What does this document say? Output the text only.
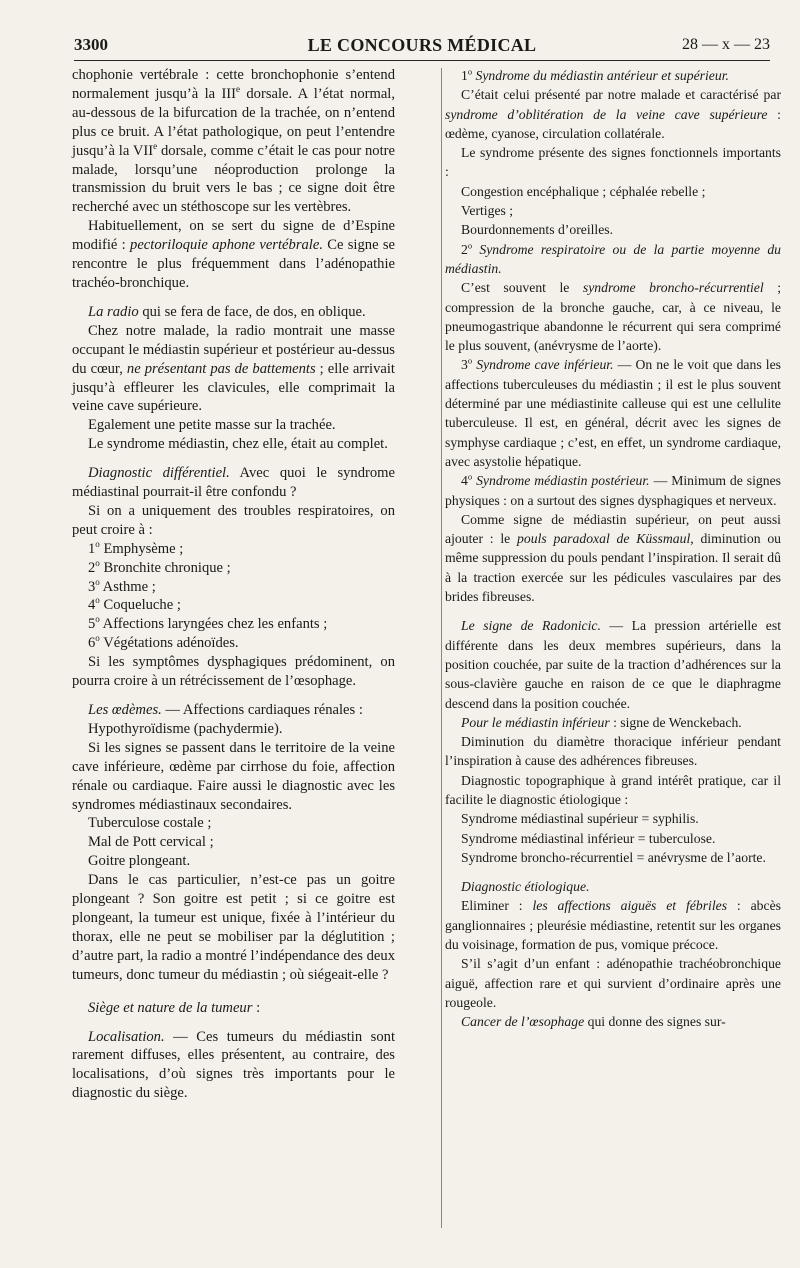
3300	LE CONCOURS MÉDICAL	28 — x — 23

chophonie vertébrale : cette bronchophonie s’entend normalement jusqu’à la IIIe dorsale. A l’état normal, au-dessous de la bifurcation de la trachée, on n’entend plus ce bruit. A l’état pathologique, on peut l’entendre jusqu’à la VIIe dorsale, comme c’était le cas pour notre malade, lorsqu’une néoproduction prolonge la transmission du bruit vers le bas ; ce signe doit être recherché avec un stéthoscope sur les vertèbres.

Habituellement, on se sert du signe de d’Espine modifié : pectoriloquie aphone vertébrale. Ce signe se rencontre le plus fréquemment dans l’adénopathie trachéo-bronchique.

La radio qui se fera de face, de dos, en oblique.

Chez notre malade, la radio montrait une masse occupant le médiastin supérieur et postérieur au-dessus du cœur, ne présentant pas de battements ; elle arrivait jusqu’à effleurer les clavicules, elle comprimait la veine cave supérieure.

Egalement une petite masse sur la trachée.

Le syndrome médiastin, chez elle, était au complet.

Diagnostic différentiel. Avec quoi le syndrome médiastinal pourrait-il être confondu ?

Si on a uniquement des troubles respiratoires, on peut croire à :

1$^o$ Emphysème ;

2$^o$ Bronchite chronique ;

3$^o$ Asthme ;

4$^o$ Coqueluche ;

5$^o$ Affections laryngées chez les enfants ;

6$^o$ Végétations adénoïdes.

Si les symptômes dysphagiques prédominent, on pourra croire à un rétrécissement de l’œsophage.

Les œdèmes. — Affections cardiaques rénales :

Hypothyroïdisme (pachydermie).

Si les signes se passent dans le territoire de la veine cave inférieure, œdème par cirrhose du foie, affection rénale ou cardiaque. Faire aussi le diagnostic avec les syndromes médiastinaux secondaires.

Tuberculose costale ;

Mal de Pott cervical ;

Goitre plongeant.

Dans le cas particulier, n’est-ce pas un goitre plongeant ? Son goitre est petit ; si ce goitre est plongeant, la tumeur est unique, fixée à l’intérieur du thorax, elle ne peut se mobiliser par la déglutition ; d’autre part, la radio a montré l’indépendance des deux tumeurs, donc tumeur du médiastin ; où siégeait-elle ?

Siège et nature de la tumeur :

Localisation. — Ces tumeurs du médiastin sont rarement diffuses, elles présentent, au contraire, des localisations, d’où signes très importants pour le diagnostic du siège.

1$^o$ Syndrome du médiastin antérieur et supérieur.

C’était celui présenté par notre malade et caractérisé par syndrome d’oblitération de la veine cave supérieure : œdème, cyanose, circulation collatérale.

Le syndrome présente des signes fonctionnels importants :

Congestion encéphalique ; céphalée rebelle ;

Vertiges ;

Bourdonnements d’oreilles.

2$^o$ Syndrome respiratoire ou de la partie moyenne du médiastin.

C’est souvent le syndrome broncho-récurrentiel ; compression de la bronche gauche, car, à ce niveau, le pneumogastrique abandonne le récurrent qui sera comprimé le plus souvent, (anévrysme de l’aorte).

3$^o$ Syndrome cave inférieur. — On ne le voit que dans les affections tuberculeuses du médiastin ; il est le plus souvent déterminé par une médiastinite calleuse qui est une cellulite tuberculeuse. Il est, en général, décrit avec les signes de symphyse cardiaque ; c’est, en effet, un syndrome cardiaque, avec asystolie hépatique.

4$^o$ Syndrome médiastin postérieur. — Minimum de signes physiques : on a surtout des signes dysphagiques et nerveux.

Comme signe de médiastin supérieur, on peut aussi ajouter : le pouls paradoxal de Küssmaul, diminution ou même suppression du pouls pendant l’inspiration. Il serait dû à la traction exercée sur les pédicules vasculaires par des brides fibreuses.

Le signe de Radonicic. — La pression artérielle est différente dans les deux membres supérieurs, dans la position couchée, par suite de la traction d’adhérences sur la sous-clavière gauche en raison de ce que le diaphragme descend dans la position couchée.

Pour le médiastin inférieur : signe de Wenckebach.

Diminution du diamètre thoracique inférieur pendant l’inspiration à cause des adhérences fibreuses.

Diagnostic topographique à grand intérêt pratique, car il facilite le diagnostic étiologique :

Syndrome médiastinal supérieur = syphilis.

Syndrome médiastinal inférieur = tuberculose.

Syndrome broncho-récurrentiel = anévrysme de l’aorte.

Diagnostic étiologique.

Eliminer : les affections aiguës et fébriles : abcès ganglionnaires ; pleurésie médiastine, retentit sur les organes du voisinage, formation de pus, vomique précoce.

S’il s’agit d’un enfant : adénopathie trachéobronchique aiguë, affection rare et qui survient d’ordinaire après une rougeole.

Cancer de l’œsophage qui donne des signes sur-
